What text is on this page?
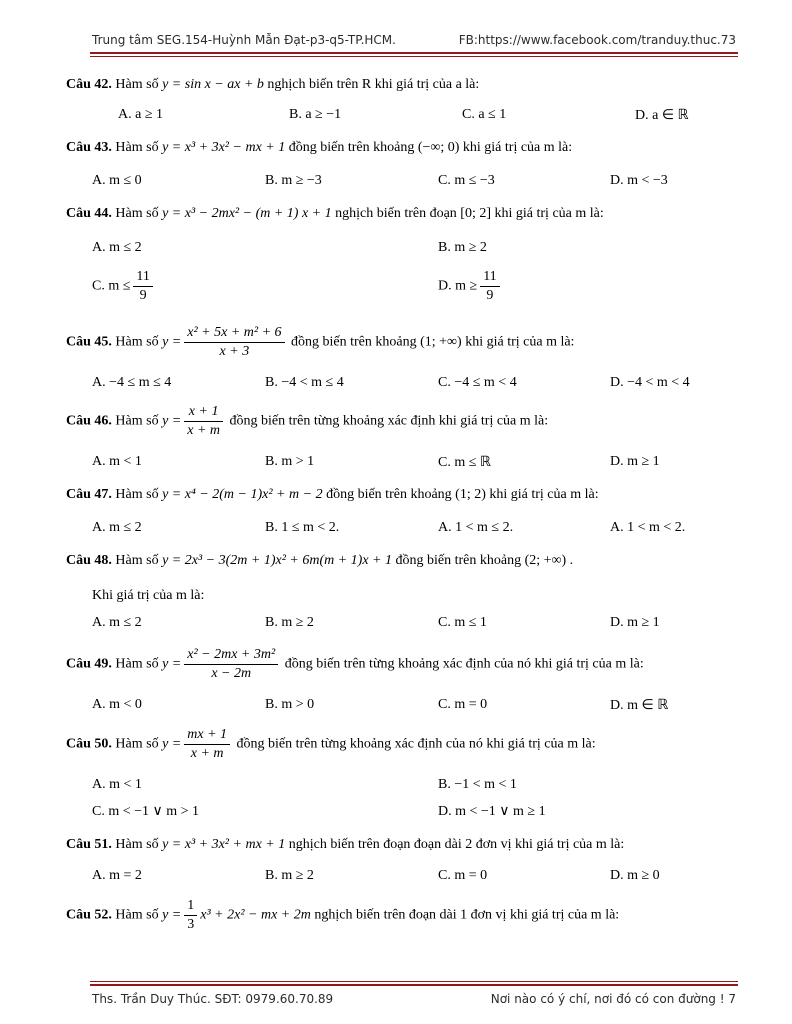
Trung tâm SEG.154-Huỳnh Mẫn Đạt-p3-q5-TP.HCM.	FB:https://www.facebook.com/tranduy.thuc.73
Câu 42. Hàm số y = sin x − ax + b nghịch biến trên R khi giá trị của a là:
A. a ≥ 1	B. a ≥ −1	C. a ≤ 1	D. a ∈ ℝ
Câu 43. Hàm số y = x³ + 3x² − mx + 1 đồng biến trên khoảng (−∞; 0) khi giá trị của m là:
A. m ≤ 0	B. m ≥ −3	C. m ≤ −3	D. m < −3
Câu 44. Hàm số y = x³ − 2mx² − (m + 1) x + 1 nghịch biến trên đoạn [0; 2] khi giá trị của m là:
A. m ≤ 2	B. m ≥ 2
C. $m \le \frac{11}{9}$	D. $m \ge \frac{11}{9}$
Câu 45. Hàm số $y = \frac{\text{x² + 5x + m² + 6}}{x + 3}$ đồng biến trên khoảng (1; +∞) khi giá trị của m là:
A. −4 ≤ m ≤ 4	B. −4 < m ≤ 4	C. −4 ≤ m < 4	D. −4 < m < 4
Câu 46. Hàm số $y = \frac{x + 1}{x + m}$ đồng biến trên từng khoảng xác định khi giá trị của m là:
A. m < 1	B. m > 1	C. m ≤ ℝ	D. m ≥ 1
Câu 47. Hàm số y = x⁴ − 2(m − 1)x² + m − 2 đồng biến trên khoảng (1; 2) khi giá trị của m là:
A. m ≤ 2	B. 1 ≤ m < 2.	A. 1 < m ≤ 2.	A. 1 < m < 2.
Câu 48. Hàm số y = 2x³ − 3(2m + 1)x² + 6m(m + 1)x + 1 đồng biến trên khoảng (2; +∞) .
Khi giá trị của m là:
A. m ≤ 2	B. m ≥ 2	C. m ≤ 1	D. m ≥ 1
Câu 49. Hàm số $y = \frac{\text{x² − 2mx + 3m²}}{x - 2m}$ đồng biến trên từng khoảng xác định của nó khi giá trị của m là:
A. m < 0	B. m > 0	C. m = 0	D. m ∈ ℝ
Câu 50. Hàm số $y = \frac{mx + 1}{x + m}$ đồng biến trên từng khoảng xác định của nó khi giá trị của m là:
A. m < 1	B. −1 < m < 1
C. m < −1 ∨ m > 1	D. m < −1 ∨ m ≥ 1
Câu 51. Hàm số y = x³ + 3x² + mx + 1 nghịch biến trên đoạn đoạn dài 2 đơn vị khi giá trị của m là:
A. m = 2	B. m ≥ 2	C. m = 0	D. m ≥ 0
Câu 52. Hàm số $y = \frac{1}{3} x^3 + 2x^2$ − mx + 2m nghịch biến trên đoạn dài 1 đơn vị khi giá trị của m là:
Ths. Trần Duy Thúc. SĐT: 0979.60.70.89	Nơi nào có ý chí, nơi đó có con đường ! 7
